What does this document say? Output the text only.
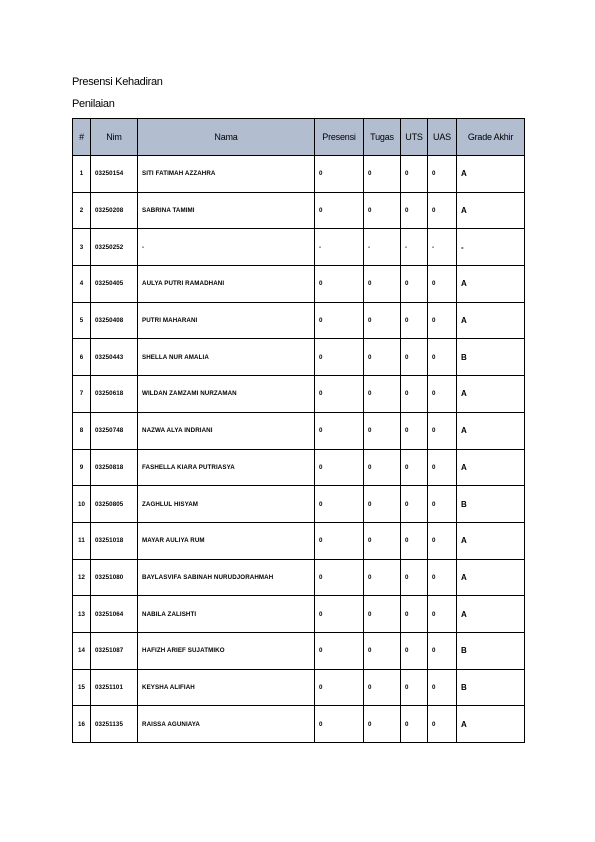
Presensi Kehadiran
Penilaian
#	Nim	Nama	Presensi	Tugas	UTS	UAS	Grade Akhir
1	03250154	SITI FATIMAH AZZAHRA	0	0	0	0	A
2	03250208	SABRINA TAMIMI	0	0	0	0	A
3	03250252	-	-	-	-	-	-
4	03250405	AULYA PUTRI RAMADHANI	0	0	0	0	A
5	03250408	PUTRI MAHARANI	0	0	0	0	A
6	03250443	SHELLA NUR AMALIA	0	0	0	0	B
7	03250618	WILDAN ZAMZAMI NURZAMAN	0	0	0	0	A
8	03250748	NAZWA ALYA INDRIANI	0	0	0	0	A
9	03250818	FASHELLA KIARA PUTRIASYA	0	0	0	0	A
10	03250805	ZAGHLUL HISYAM	0	0	0	0	B
11	03251018	MAYAR AULIYA RUM	0	0	0	0	A
12	03251080	BAYLASVIFA SABINAH NURUDJORAHMAH	0	0	0	0	A
13	03251064	NABILA ZALISHTI	0	0	0	0	A
14	03251087	HAFIZH ARIEF SUJATMIKO	0	0	0	0	B
15	03251101	KEYSHA ALIFIAH	0	0	0	0	B
16	03251135	RAISSA AGUNIAYA	0	0	0	0	A
